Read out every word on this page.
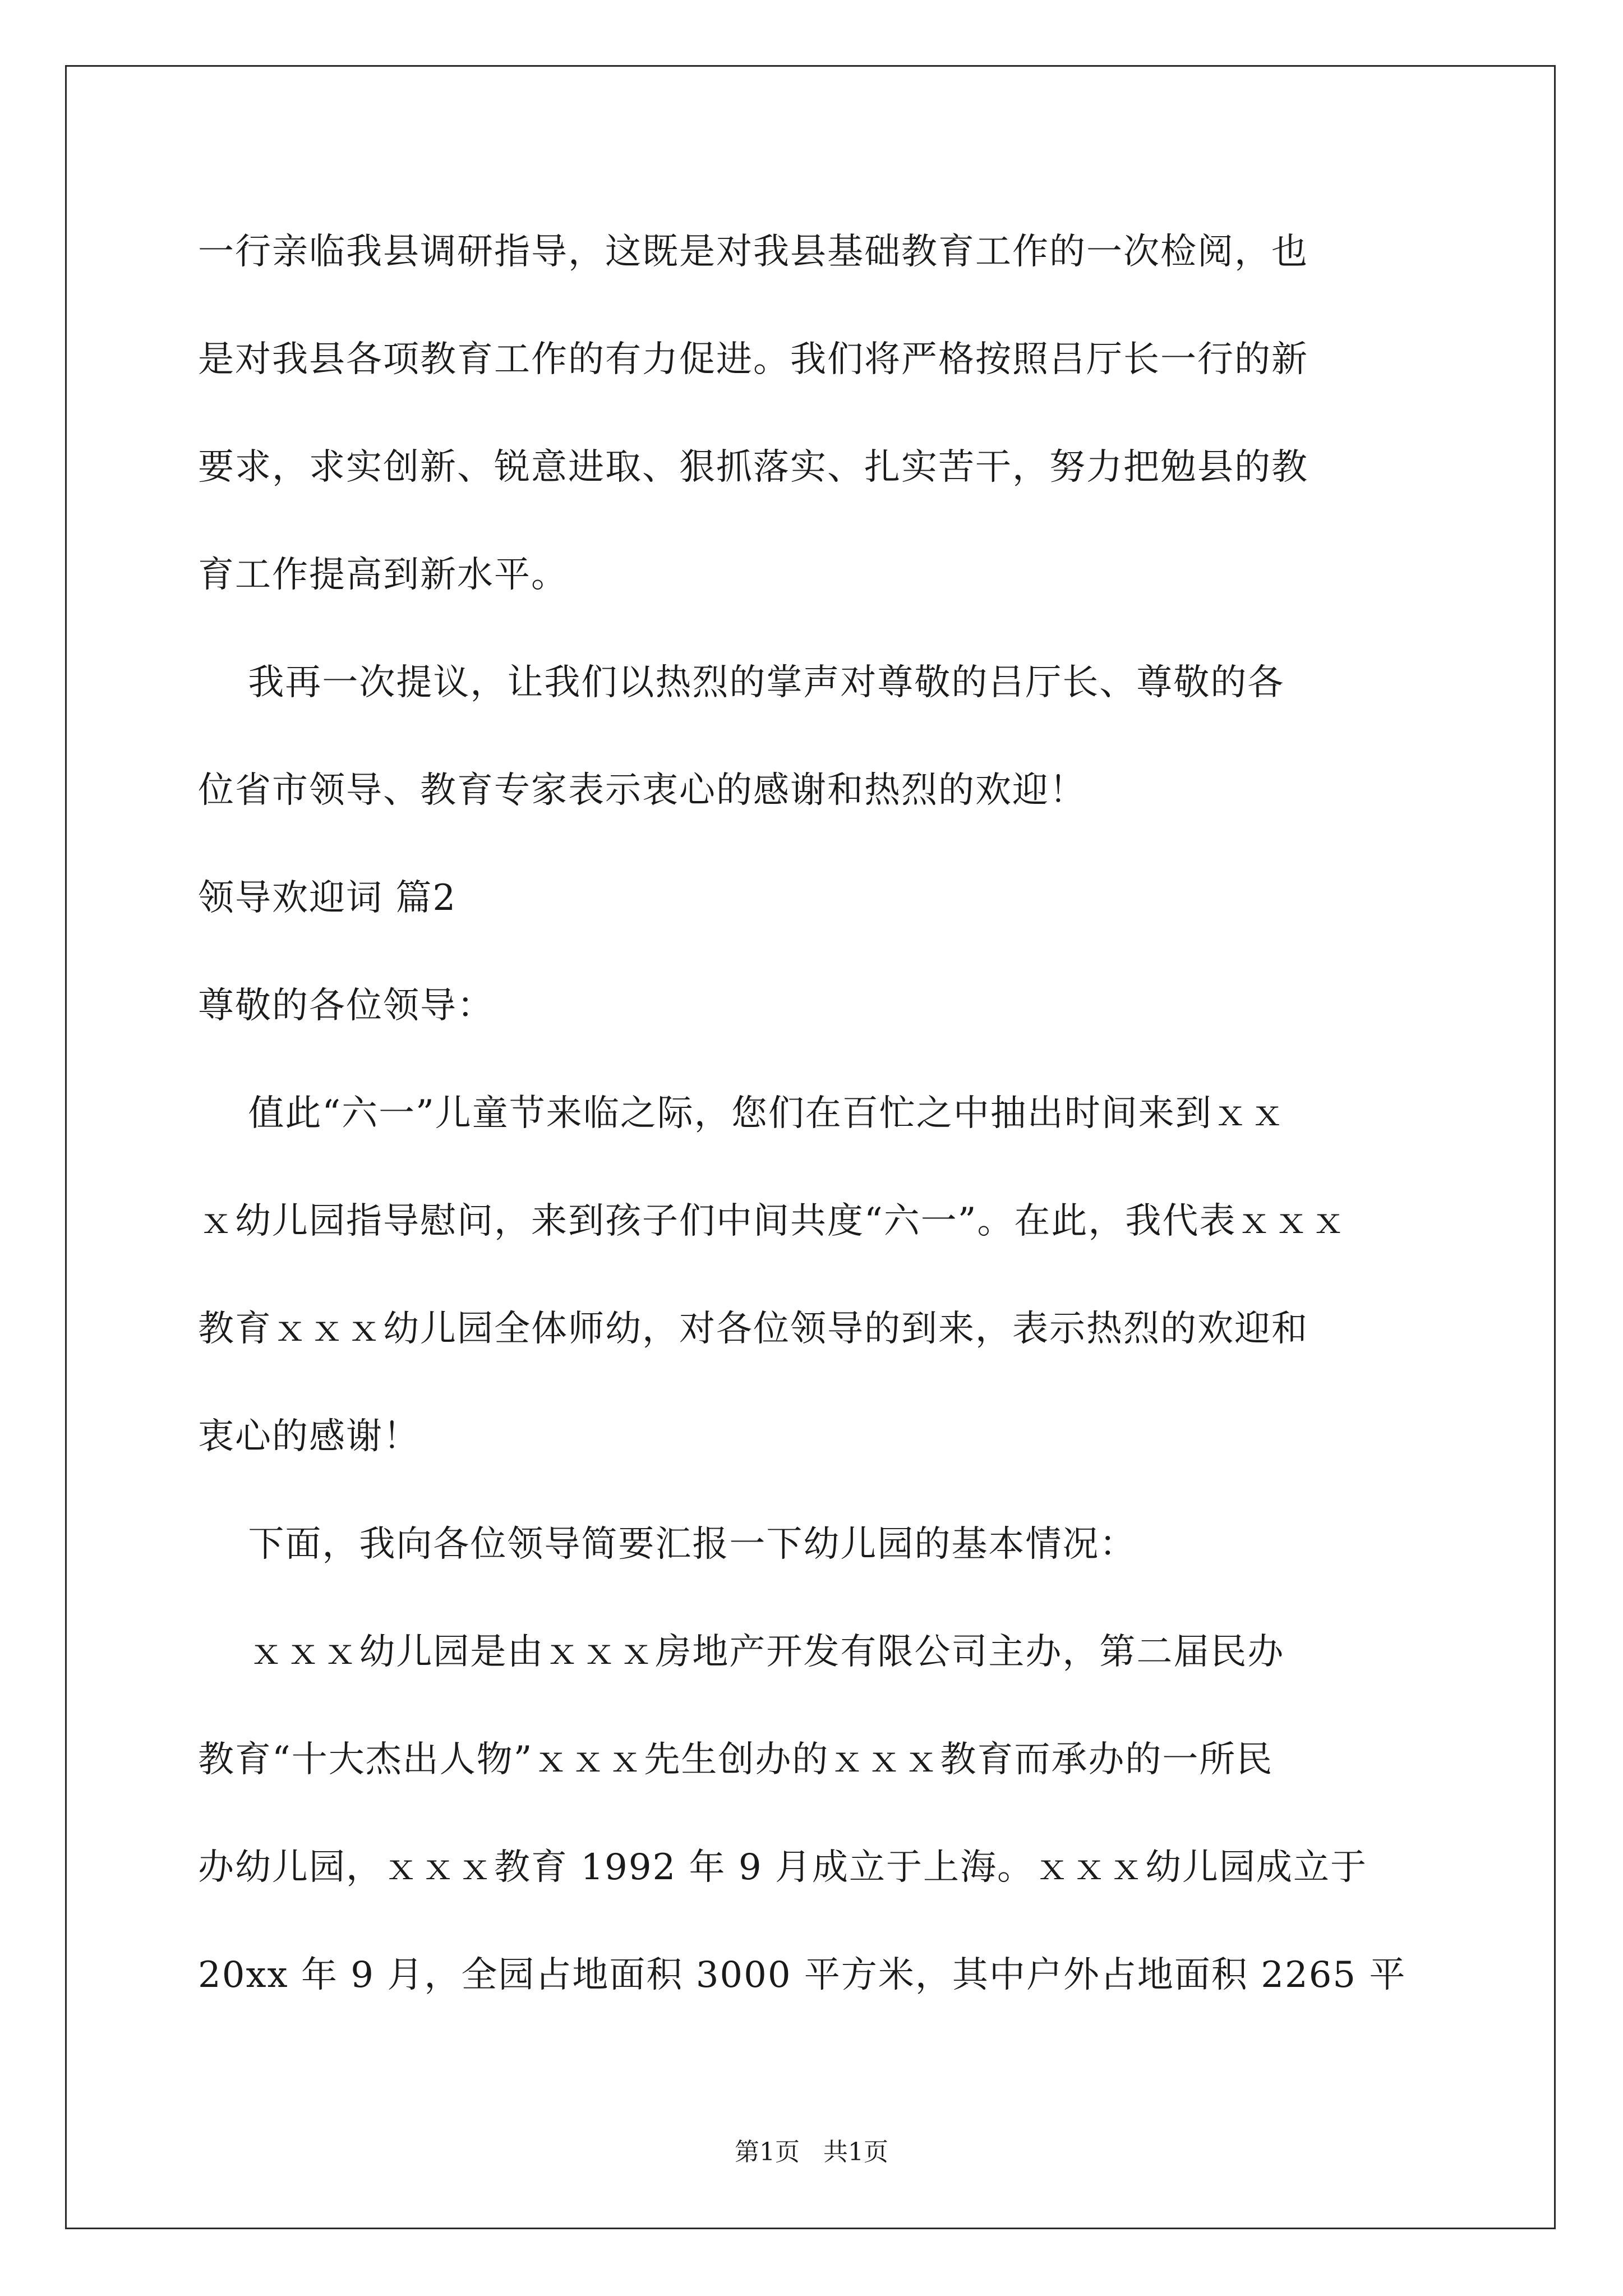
一行亲临我县调研指导，这既是对我县基础教育工作的一次检阅，也
是对我县各项教育工作的有力促进。我们将严格按照吕厅长一行的新
要求，求实创新、锐意进取、狠抓落实、扎实苦干，努力把勉县的教
育工作提高到新水平。
我再一次提议，让我们以热烈的掌声对尊敬的吕厅长、尊敬的各
位省市领导、教育专家表示衷心的感谢和热烈的欢迎！
领导欢迎词 篇2
尊敬的各位领导：
值此“六一”儿童节来临之际，您们在百忙之中抽出时间来到ｘｘ
ｘ幼儿园指导慰问，来到孩子们中间共度“六一”。在此，我代表ｘｘｘ
教育ｘｘｘ幼儿园全体师幼，对各位领导的到来，表示热烈的欢迎和
衷心的感谢！
下面，我向各位领导简要汇报一下幼儿园的基本情况：
ｘｘｘ幼儿园是由ｘｘｘ房地产开发有限公司主办，第二届民办
教育“十大杰出人物”ｘｘｘ先生创办的ｘｘｘ教育而承办的一所民
办幼儿园，ｘｘｘ教育 1992 年 9 月成立于上海。ｘｘｘ幼儿园成立于
20xx 年 9 月，全园占地面积 3000 平方米，其中户外占地面积 2265 平
第1页   共1页
